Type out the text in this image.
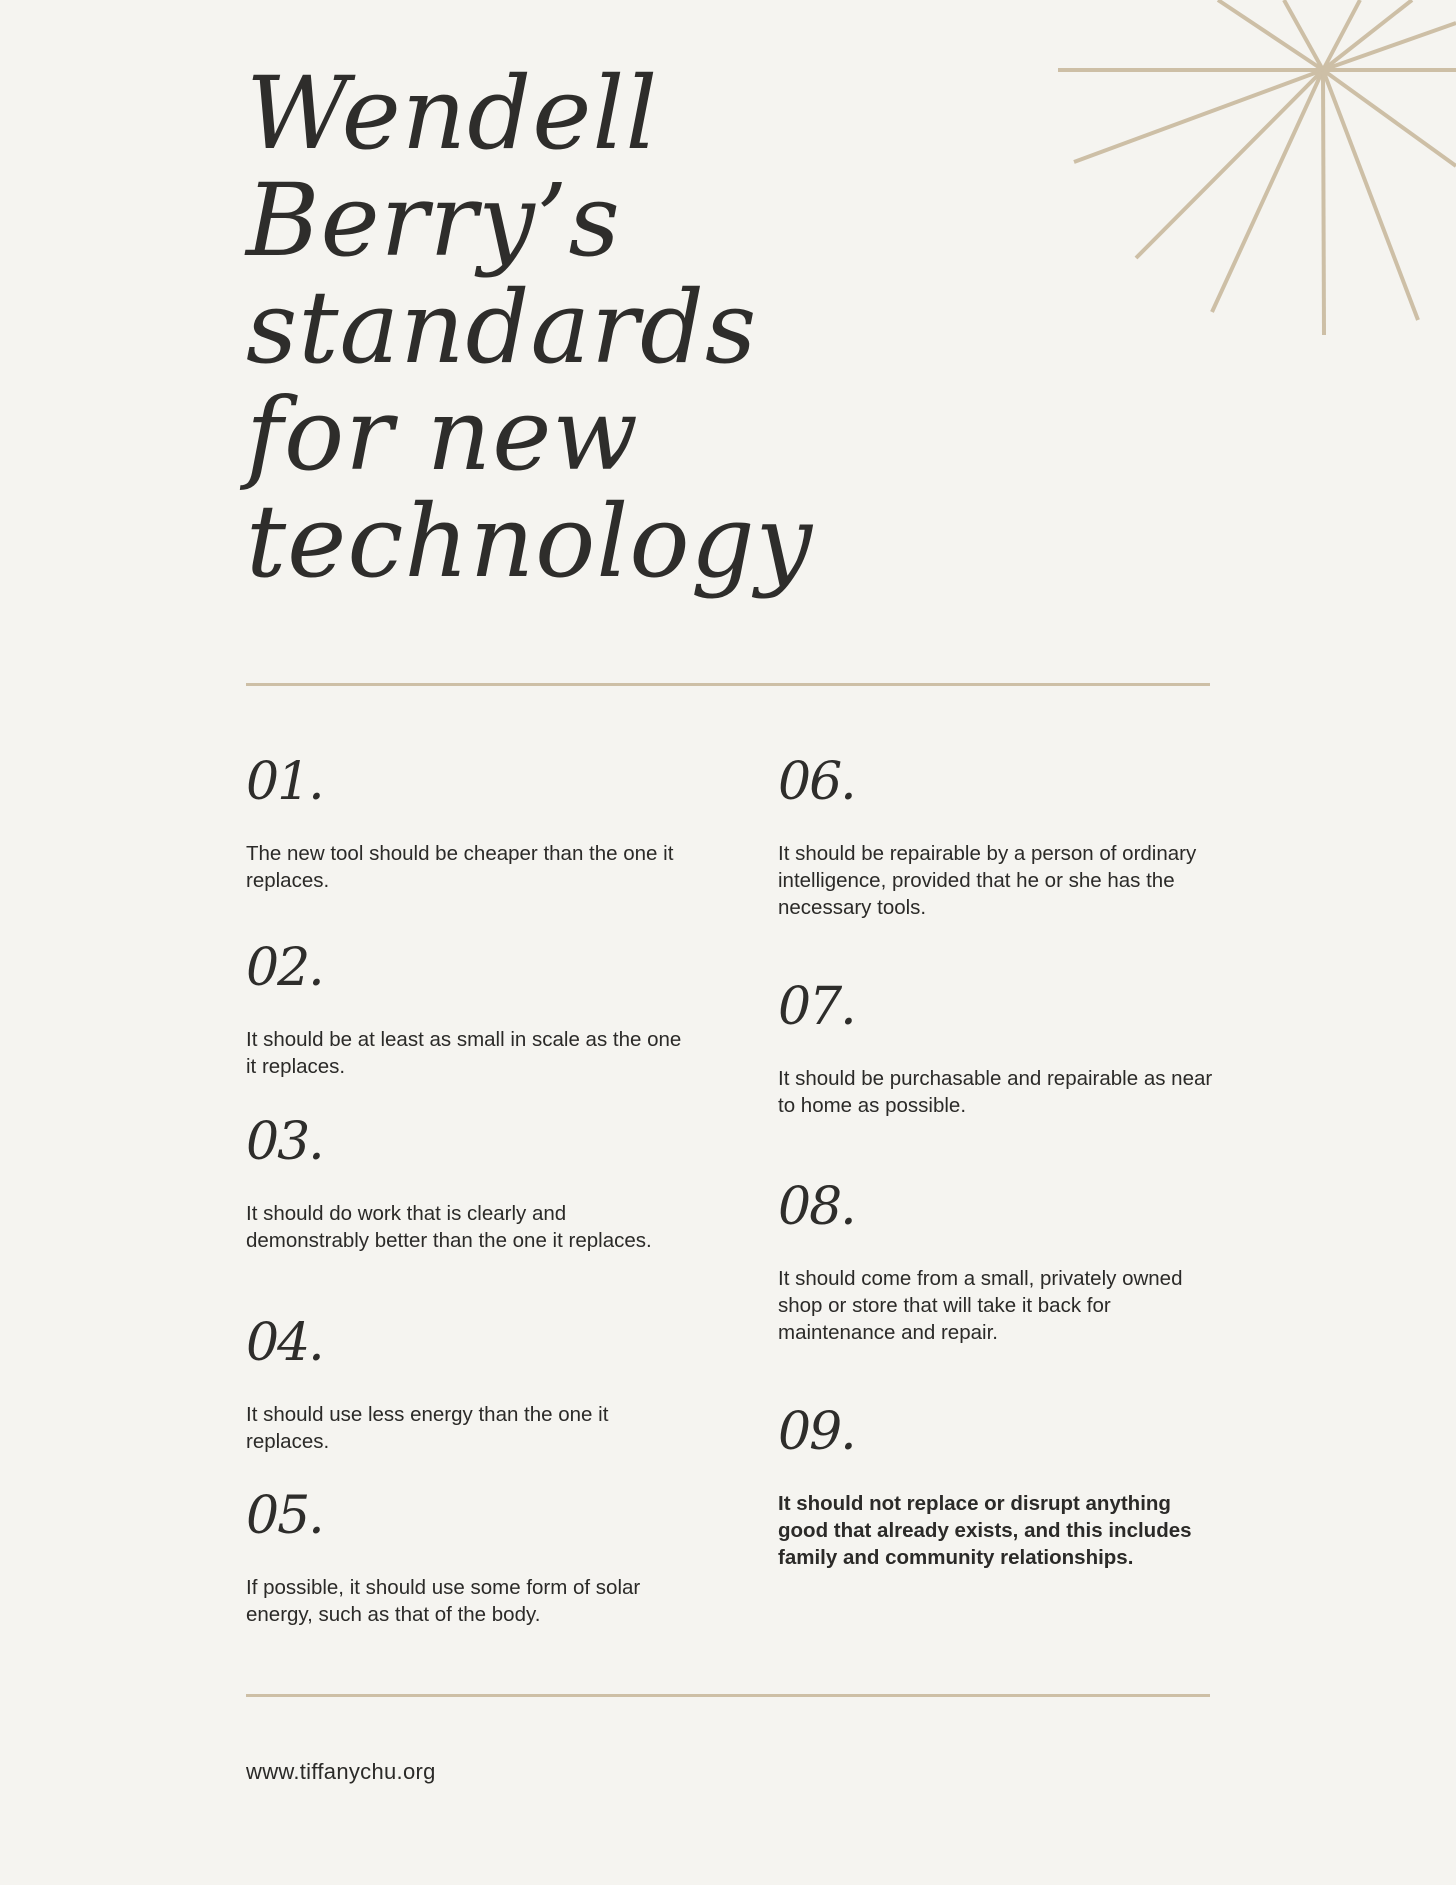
Wendell
Berry’s
standards
for new
technology
01.

The new tool should be cheaper than the one it replaces.

02.

It should be at least as small in scale as the one it replaces.

03.

It should do work that is clearly and demonstrably better than the one it replaces.

04.

It should use less energy than the one it replaces.

05.

If possible, it should use some form of solar energy, such as that of the body.

06.

It should be repairable by a person of ordinary intelligence, provided that he or she has the necessary tools.

07.

It should be purchasable and repairable as near to home as possible.

08.

It should come from a small, privately owned shop or store that will take it back for maintenance and repair.

09.

It should not replace or disrupt anything good that already exists, and this includes family and community relationships.

www.tiffanychu.org
